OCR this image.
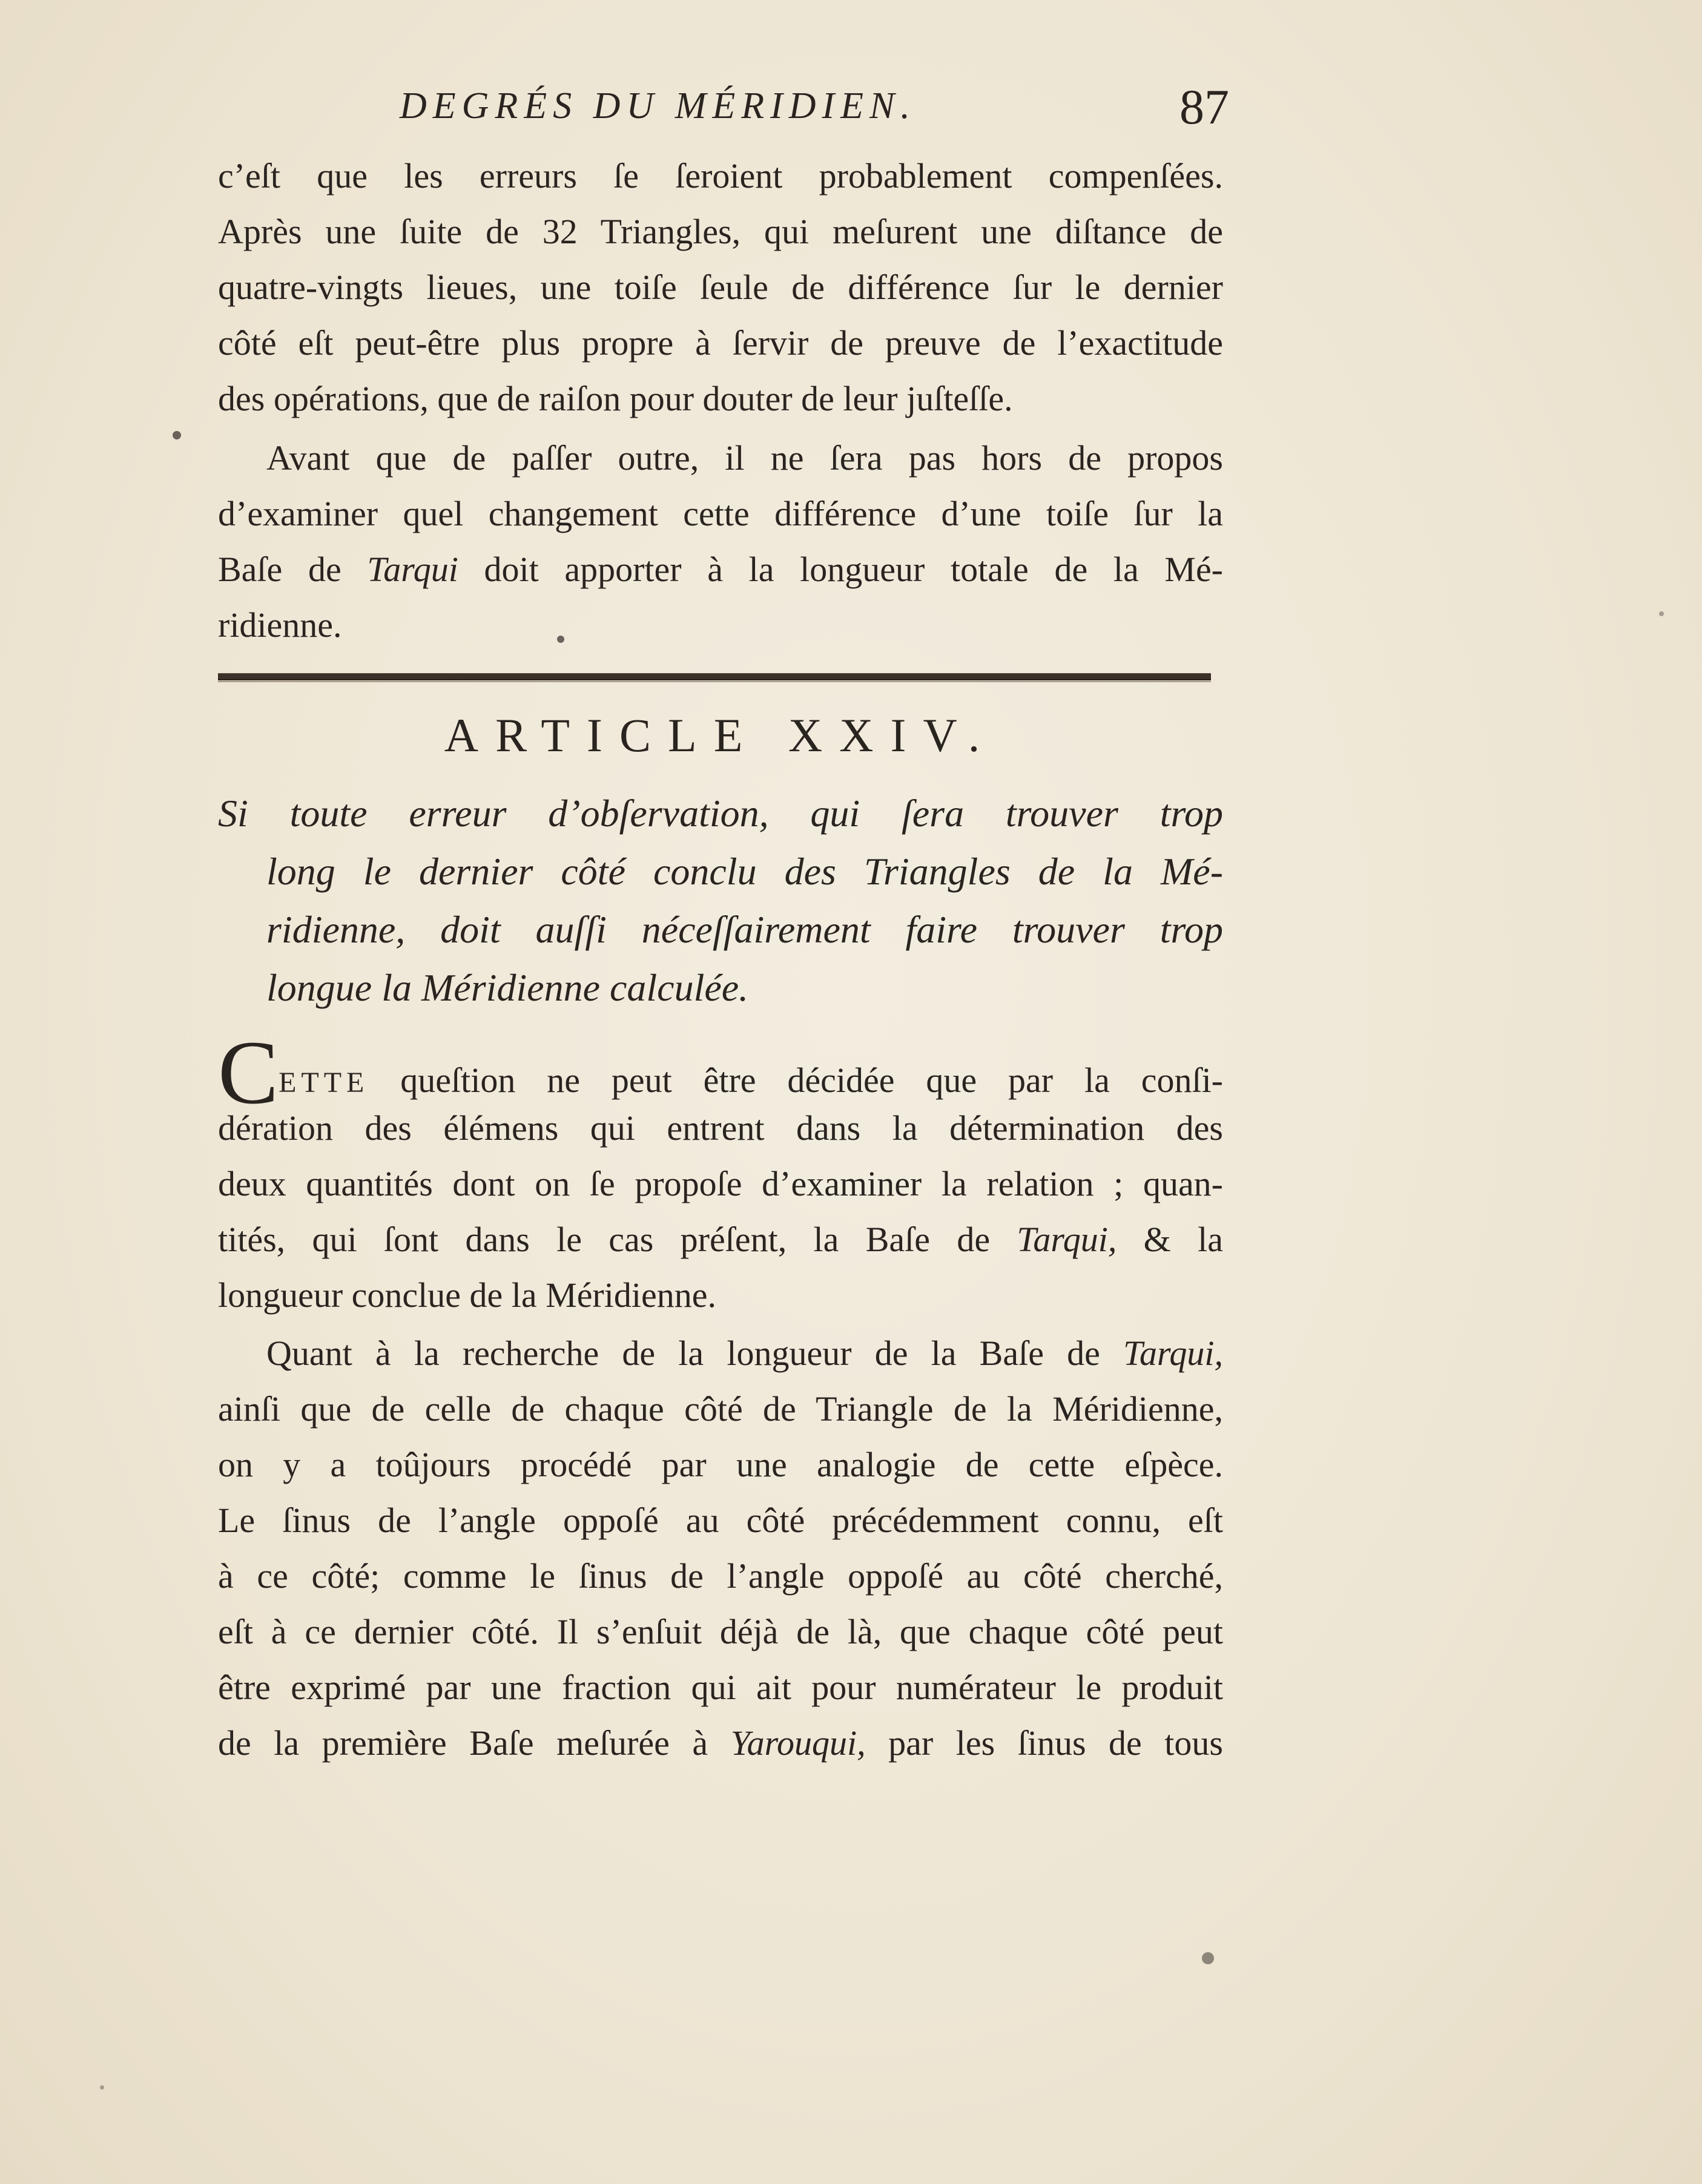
DEGRÉS DU MÉRIDIEN.	87
c’eſt que les erreurs ſe ſeroient probablement compenſées.
Après une ſuite de 32 Triangles, qui meſurent une diſtance de
quatre-vingts lieues, une toiſe ſeule de différence ſur le dernier
côté eſt peut-être plus propre à ſervir de preuve de l’exactitude
des opérations, que de raiſon pour douter de leur juſteſſe.
Avant que de paſſer outre, il ne ſera pas hors de propos
d’examiner quel changement cette différence d’une toiſe ſur la
Baſe de Tarqui doit apporter à la longueur totale de la Mé-
ridienne.
ARTICLE XXIV.
Si toute erreur d’obſervation, qui ſera trouver trop
long le dernier côté conclu des Triangles de la Mé-
ridienne, doit auſſi néceſſairement faire trouver trop
longue la Méridienne calculée.
CETTE queſtion ne peut être décidée que par la conſi-
dération des élémens qui entrent dans la détermination des
deux quantités dont on ſe propoſe d’examiner la relation ; quan-
tités, qui ſont dans le cas préſent, la Baſe de Tarqui, & la
longueur conclue de la Méridienne.
Quant à la recherche de la longueur de la Baſe de Tarqui,
ainſi que de celle de chaque côté de Triangle de la Méridienne,
on y a toûjours procédé par une analogie de cette eſpèce.
Le ſinus de l’angle oppoſé au côté précédemment connu, eſt
à ce côté; comme le ſinus de l’angle oppoſé au côté cherché,
eſt à ce dernier côté. Il s’enſuit déjà de là, que chaque côté peut
être exprimé par une fraction qui ait pour numérateur le produit
de la première Baſe meſurée à Yarouqui, par les ſinus de tous
